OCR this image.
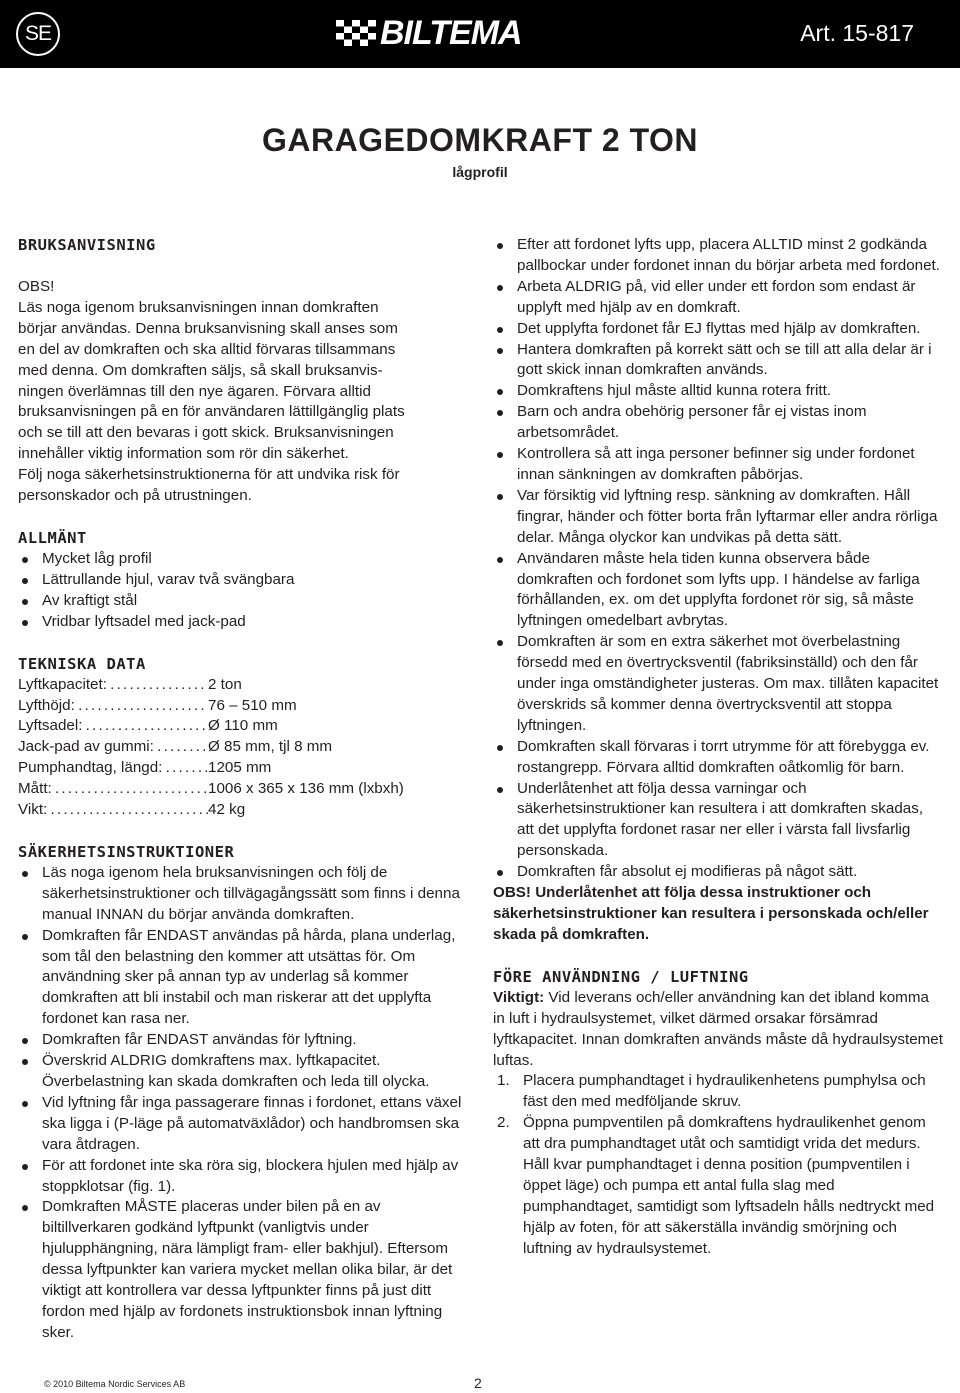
SE	BILTEMA	Art. 15-817
GARAGEDOMKRAFT 2 TON
lågprofil
BRUKSANVISNING

OBS!

Läs noga igenom bruksanvisningen innan domkraften
börjar användas. Denna bruksanvisning skall anses som
en del av domkraften och ska alltid förvaras tillsammans
med denna. Om domkraften säljs, så skall bruksanvis-
ningen överlämnas till den nye ägaren. Förvara alltid
bruksanvisningen på en för användaren lättillgänglig plats
och se till att den bevaras i gott skick. Bruksanvisningen
innehåller viktig information som rör din säkerhet.
Följ noga säkerhetsinstruktionerna för att undvika risk för
personskador och på utrustningen.
ALLMÄNT
Mycket låg profil
Lättrullande hjul, varav två svängbara
Av kraftigt stål
Vridbar lyftsadel med jack-pad
TEKNISKA DATA
Lyftkapacitet: . . .	2 ton
Lyfthöjd: . . .	76 – 510 mm
Lyftsadel: . . .	Ø 110 mm
Jack-pad av gummi: . . .	Ø 85 mm, tjl 8 mm
Pumphandtag, längd: . . .	1205 mm
Mått: . . .	1006 x 365 x 136 mm (lxbxh)
Vikt: . . .	42 kg
SÄKERHETSINSTRUKTIONER
Läs noga igenom hela bruksanvisningen och följ de säkerhetsinstruktioner och tillvägagångssätt som finns i denna manual INNAN du börjar använda domkraften.
Domkraften får ENDAST användas på hårda, plana underlag, som tål den belastning den kommer att utsättas för. Om användning sker på annan typ av underlag så kommer domkraften att bli instabil och man riskerar att det upplyfta fordonet kan rasa ner.
Domkraften får ENDAST användas för lyftning.
Överskrid ALDRIG domkraftens max. lyftkapacitet. Överbelastning kan skada domkraften och leda till olycka.
Vid lyftning får inga passagerare finnas i fordonet, ettans växel ska ligga i (P-läge på automatväxlådor) och handbromsen ska vara åtdragen.
För att fordonet inte ska röra sig, blockera hjulen med hjälp av stoppklotsar (fig. 1).
Domkraften MÅSTE placeras under bilen på en av biltillverkaren godkänd lyftpunkt (vanligtvis under hjulupphängning, nära lämpligt fram- eller bakhjul). Eftersom dessa lyftpunkter kan variera mycket mellan olika bilar, är det viktigt att kontrollera var dessa lyftpunkter finns på just ditt fordon med hjälp av fordonets instruktionsbok innan lyftning sker.
Efter att fordonet lyfts upp, placera ALLTID minst 2 godkända pallbockar under fordonet innan du börjar arbeta med fordonet.
Arbeta ALDRIG på, vid eller under ett fordon som endast är upplyft med hjälp av en domkraft.
Det upplyfta fordonet får EJ flyttas med hjälp av domkraften.
Hantera domkraften på korrekt sätt och se till att alla delar är i gott skick innan domkraften används.
Domkraftens hjul måste alltid kunna rotera fritt.
Barn och andra obehörig personer får ej vistas inom arbetsområdet.
Kontrollera så att inga personer befinner sig under fordonet innan sänkningen av domkraften påbörjas.
Var försiktig vid lyftning resp. sänkning av domkraften. Håll fingrar, händer och fötter borta från lyftarmar eller andra rörliga delar. Många olyckor kan undvikas på detta sätt.
Användaren måste hela tiden kunna observera både domkraften och fordonet som lyfts upp. I händelse av farliga förhållanden, ex. om det upplyfta fordonet rör sig, så måste lyftningen omedelbart avbrytas.
Domkraften är som en extra säkerhet mot överbelastning försedd med en övertrycksventil (fabriksinställd) och den får under inga omständigheter justeras. Om max. tillåten kapacitet överskrids så kommer denna övertrycksventil att stoppa lyftningen.
Domkraften skall förvaras i torrt utrymme för att förebygga ev. rostangrepp. Förvara alltid domkraften oåtkomlig för barn.
Underlåtenhet att följa dessa varningar och säkerhetsinstruktioner kan resultera i att domkraften skadas, att det upplyfta fordonet rasar ner eller i värsta fall livsfarlig personskada.
Domkraften får absolut ej modifieras på något sätt.

OBS! Underlåtenhet att följa dessa instruktioner och säkerhetsinstruktioner kan resultera i personskada och/eller skada på domkraften.

FÖRE ANVÄNDNING / LUFTNING

Viktigt: Vid leverans och/eller användning kan det ibland komma in luft i hydraulsystemet, vilket därmed orsakar försämrad lyftkapacitet. Innan domkraften används måste då hydraulsystemet luftas.

1. Placera pumphandtaget i hydraulikenhetens pumphylsa och fäst den med medföljande skruv.
2. Öppna pumpventilen på domkraftens hydraulikenhet genom att dra pumphandtaget utåt och samtidigt vrida det medurs. Håll kvar pumphandtaget i denna position (pumpventilen i öppet läge) och pumpa ett antal fulla slag med pumphandtaget, samtidigt som lyftsadeln hålls nedtryckt med hjälp av foten, för att säkerställa invändig smörjning och luftning av hydraulsystemet.
© 2010 Biltema Nordic Services AB	2
